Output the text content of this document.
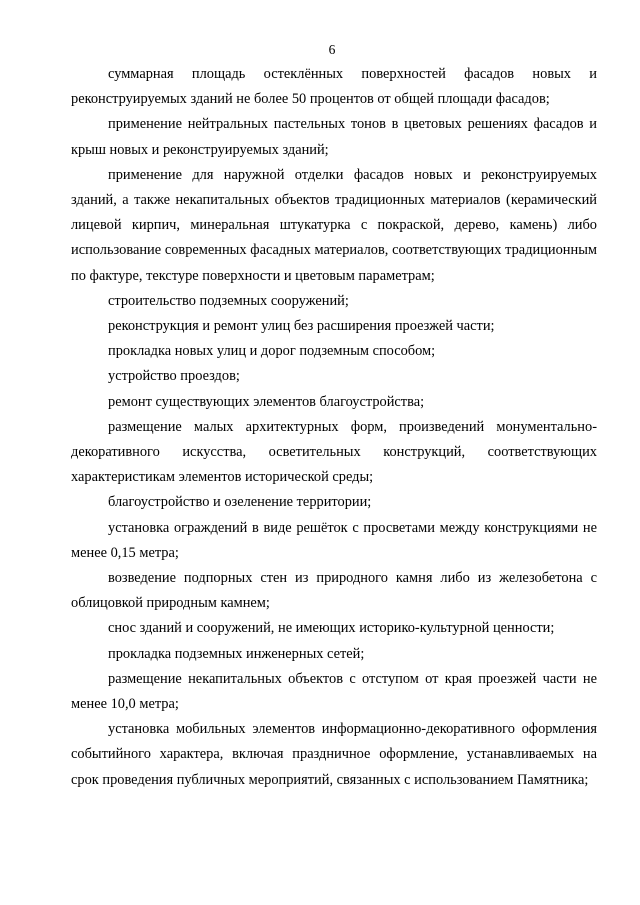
6

суммарная площадь остеклённых поверхностей фасадов новых и реконструируемых зданий не более 50 процентов от общей площади фасадов;

применение нейтральных пастельных тонов в цветовых решениях фасадов и крыш новых и реконструируемых зданий;

применение для наружной отделки фасадов новых и реконструируемых зданий, а также некапитальных объектов традиционных материалов (керамический лицевой кирпич, минеральная штукатурка с покраской, дерево, камень) либо использование современных фасадных материалов, соответствующих традиционным по фактуре, текстуре поверхности и цветовым параметрам;

строительство подземных сооружений;

реконструкция и ремонт улиц без расширения проезжей части;

прокладка новых улиц и дорог подземным способом;

устройство проездов;

ремонт существующих элементов благоустройства;

размещение малых архитектурных форм, произведений монументально-декоративного искусства, осветительных конструкций, соответствующих характеристикам элементов исторической среды;

благоустройство и озеленение территории;

установка ограждений в виде решёток с просветами между конструкциями не менее 0,15 метра;

возведение подпорных стен из природного камня либо из железобетона с облицовкой природным камнем;

снос зданий и сооружений, не имеющих историко-культурной ценности;

прокладка подземных инженерных сетей;

размещение некапитальных объектов с отступом от края проезжей части не менее 10,0 метра;

установка мобильных элементов информационно-декоративного оформления событийного характера, включая праздничное оформление, устанавливаемых на срок проведения публичных мероприятий, связанных с использованием Памятника;
